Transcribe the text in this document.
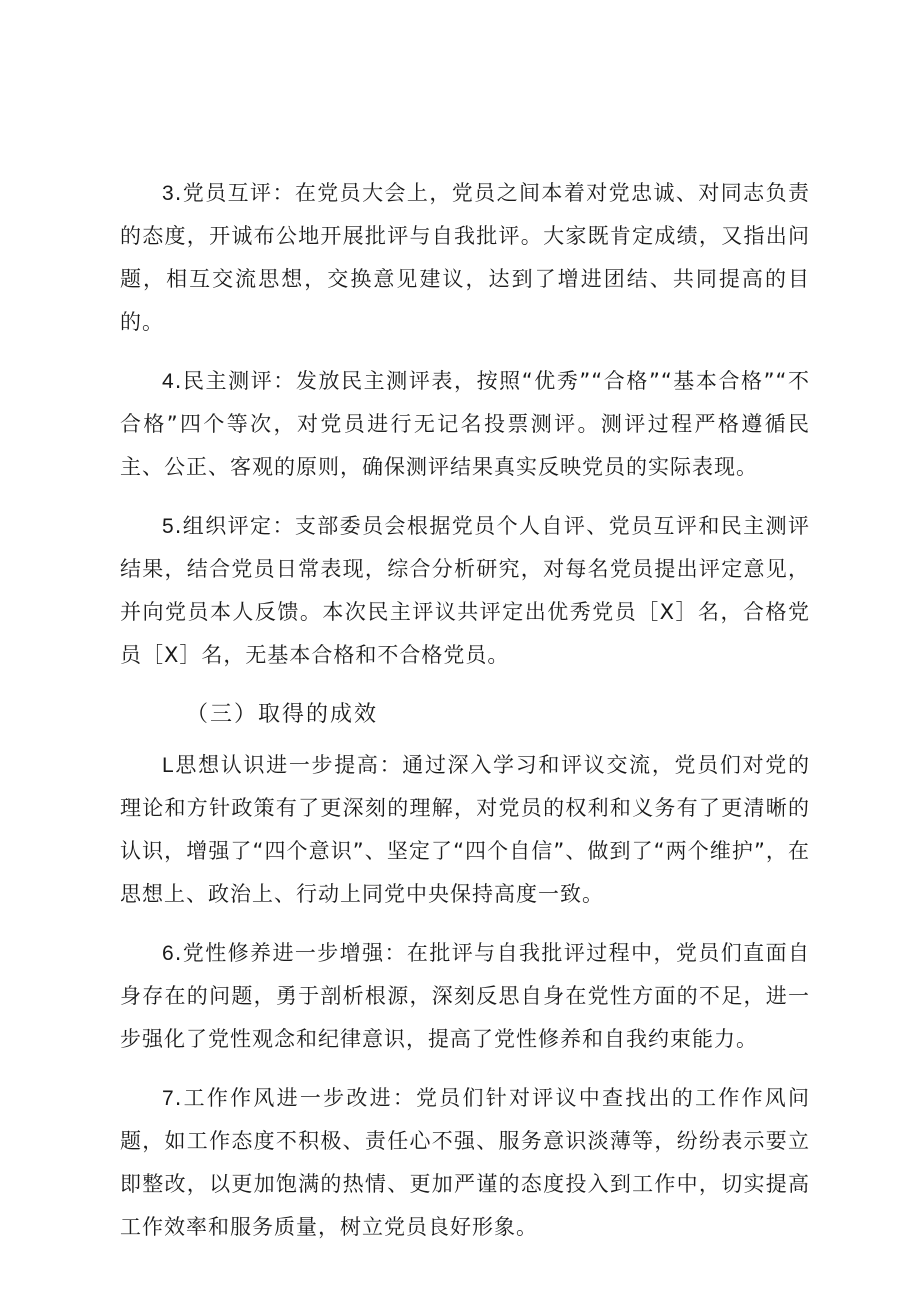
3.党员互评：在党员大会上，党员之间本着对党忠诚、对同志负责的态度，开诚布公地开展批评与自我批评。大家既肯定成绩，又指出问题，相互交流思想，交换意见建议，达到了增进团结、共同提高的目的。

4.民主测评：发放民主测评表，按照“优秀”“合格”“基本合格”“不合格”四个等次，对党员进行无记名投票测评。测评过程严格遵循民主、公正、客观的原则，确保测评结果真实反映党员的实际表现。

5.组织评定：支部委员会根据党员个人自评、党员互评和民主测评结果，结合党员日常表现，综合分析研究，对每名党员提出评定意见，并向党员本人反馈。本次民主评议共评定出优秀党员［X］名，合格党员［X］名，无基本合格和不合格党员。

（三）取得的成效

L思想认识进一步提高：通过深入学习和评议交流，党员们对党的理论和方针政策有了更深刻的理解，对党员的权利和义务有了更清晰的认识，增强了“四个意识”、坚定了“四个自信”、做到了“两个维护”，在思想上、政治上、行动上同党中央保持高度一致。

6.党性修养进一步增强：在批评与自我批评过程中，党员们直面自身存在的问题，勇于剖析根源，深刻反思自身在党性方面的不足，进一步强化了党性观念和纪律意识，提高了党性修养和自我约束能力。

7.工作作风进一步改进：党员们针对评议中查找出的工作作风问题，如工作态度不积极、责任心不强、服务意识淡薄等，纷纷表示要立即整改，以更加饱满的热情、更加严谨的态度投入到工作中，切实提高工作效率和服务质量，树立党员良好形象。
